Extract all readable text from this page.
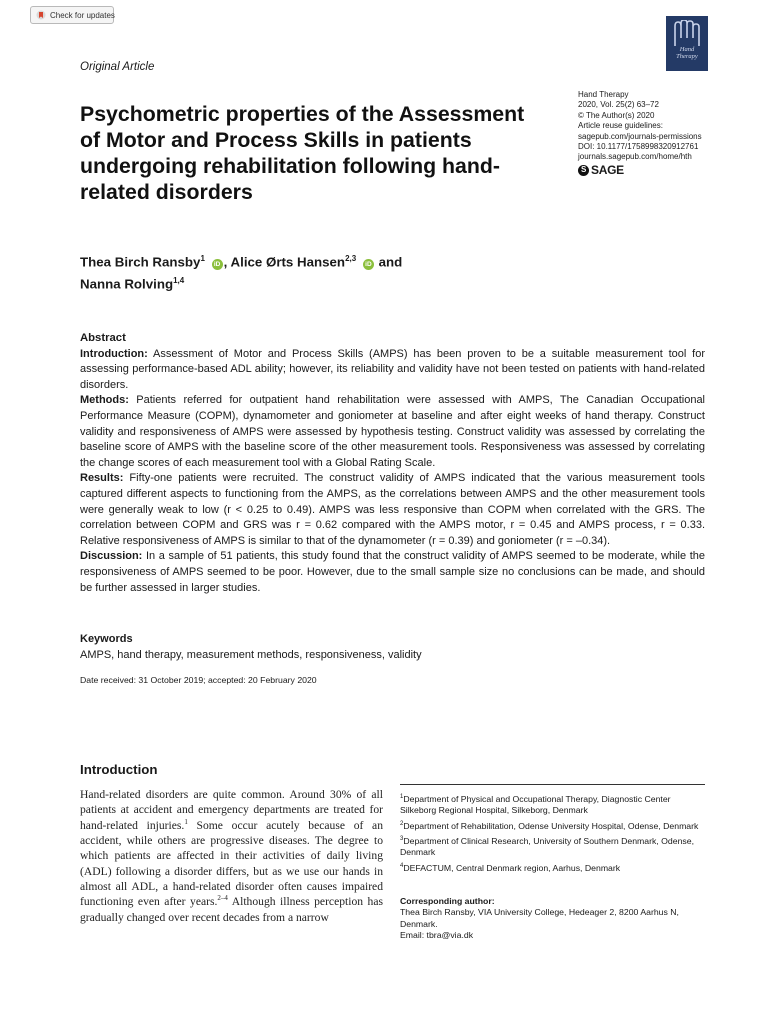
Check for updates
Original Article
Hand
Therapy
Hand Therapy
2020, Vol. 25(2) 63–72
© The Author(s) 2020
Article reuse guidelines:
sagepub.com/journals-permissions
DOI: 10.1177/1758998320912761
journals.sagepub.com/home/hth
S SAGE
Psychometric properties of the Assessment of Motor and Process Skills in patients undergoing rehabilitation following hand-related disorders
Thea Birch Ransby$^1$ iD , Alice Ørts Hansen$^{2,3}$ iD and
Nanna Rolving$^{1,4}$
Abstract

Introduction: Assessment of Motor and Process Skills (AMPS) has been proven to be a suitable measurement tool for assessing performance-based ADL ability; however, its reliability and validity have not been tested on patients with hand-related disorders.

Methods: Patients referred for outpatient hand rehabilitation were assessed with AMPS, The Canadian Occupational Performance Measure (COPM), dynamometer and goniometer at baseline and after eight weeks of hand therapy. Construct validity and responsiveness of AMPS were assessed by hypothesis testing. Construct validity was assessed by correlating the baseline score of AMPS with the baseline score of the other measurement tools. Responsiveness was assessed by correlating the change scores of each measurement tool with a Global Rating Scale.

Results: Fifty-one patients were recruited. The construct validity of AMPS indicated that the various measurement tools captured different aspects to functioning from the AMPS, as the correlations between AMPS and the other measurement tools were generally weak to low (r < 0.25 to 0.49). AMPS was less responsive than COPM when correlated with the GRS. The correlation between COPM and GRS was r = 0.62 compared with the AMPS motor, r = 0.45 and AMPS process, r = 0.33. Relative responsiveness of AMPS is similar to that of the dynamometer (r = 0.39) and goniometer (r = –0.34).

Discussion: In a sample of 51 patients, this study found that the construct validity of AMPS seemed to be moderate, while the responsiveness of AMPS seemed to be poor. However, due to the small sample size no conclusions can be made, and should be further assessed in larger studies.

Keywords
AMPS, hand therapy, measurement methods, responsiveness, validity
Date received: 31 October 2019; accepted: 20 February 2020
Introduction

Hand-related disorders are quite common. Around 30% of all patients at accident and emergency departments are treated for hand-related injuries.$^1$ Some occur acutely because of an accident, while others are progressive diseases. The degree to which patients are affected in their activities of daily living (ADL) following a disorder differs, but as we use our hands in almost all ADL, a hand-related disorder often causes impaired functioning even after years.$^{2-4}$ Although illness perception has gradually changed over recent decades from a narrow

$^1$Department of Physical and Occupational Therapy, Diagnostic Center Silkeborg Regional Hospital, Silkeborg, Denmark
$^2$Department of Rehabilitation, Odense University Hospital, Odense, Denmark
$^3$Department of Clinical Research, University of Southern Denmark, Odense, Denmark
$^4$DEFACTUM, Central Denmark region, Aarhus, Denmark
Corresponding author:
Thea Birch Ransby, VIA University College, Hedeager 2, 8200 Aarhus N, Denmark.
Email: tbra@via.dk
